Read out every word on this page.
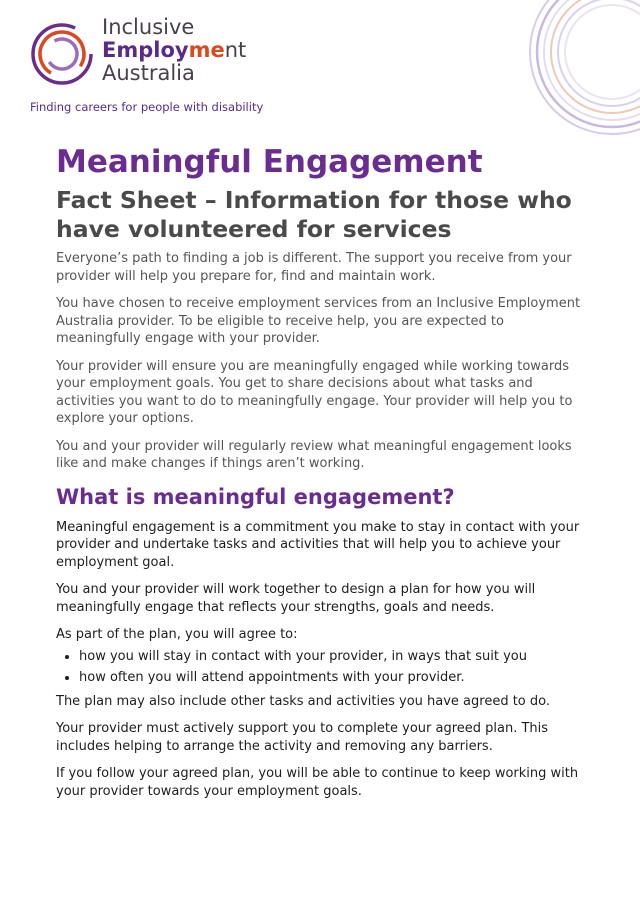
Inclusive
Employment
Australia
Finding careers for people with disability
Meaningful Engagement
Fact Sheet – Information for those who have volunteered for services

Everyone’s path to finding a job is different. The support you receive from your provider will help you prepare for, find and maintain work.

You have chosen to receive employment services from an Inclusive Employment Australia provider. To be eligible to receive help, you are expected to meaningfully engage with your provider.

Your provider will ensure you are meaningfully engaged while working towards your employment goals. You get to share decisions about what tasks and activities you want to do to meaningfully engage. Your provider will help you to explore your options.

You and your provider will regularly review what meaningful engagement looks like and make changes if things aren’t working.

What is meaningful engagement?

Meaningful engagement is a commitment you make to stay in contact with your provider and undertake tasks and activities that will help you to achieve your employment goal.

You and your provider will work together to design a plan for how you will meaningfully engage that reflects your strengths, goals and needs.

As part of the plan, you will agree to:

• how you will stay in contact with your provider, in ways that suit you
• how often you will attend appointments with your provider.

The plan may also include other tasks and activities you have agreed to do.

Your provider must actively support you to complete your agreed plan. This includes helping to arrange the activity and removing any barriers.

If you follow your agreed plan, you will be able to continue to keep working with your provider towards your employment goals.
